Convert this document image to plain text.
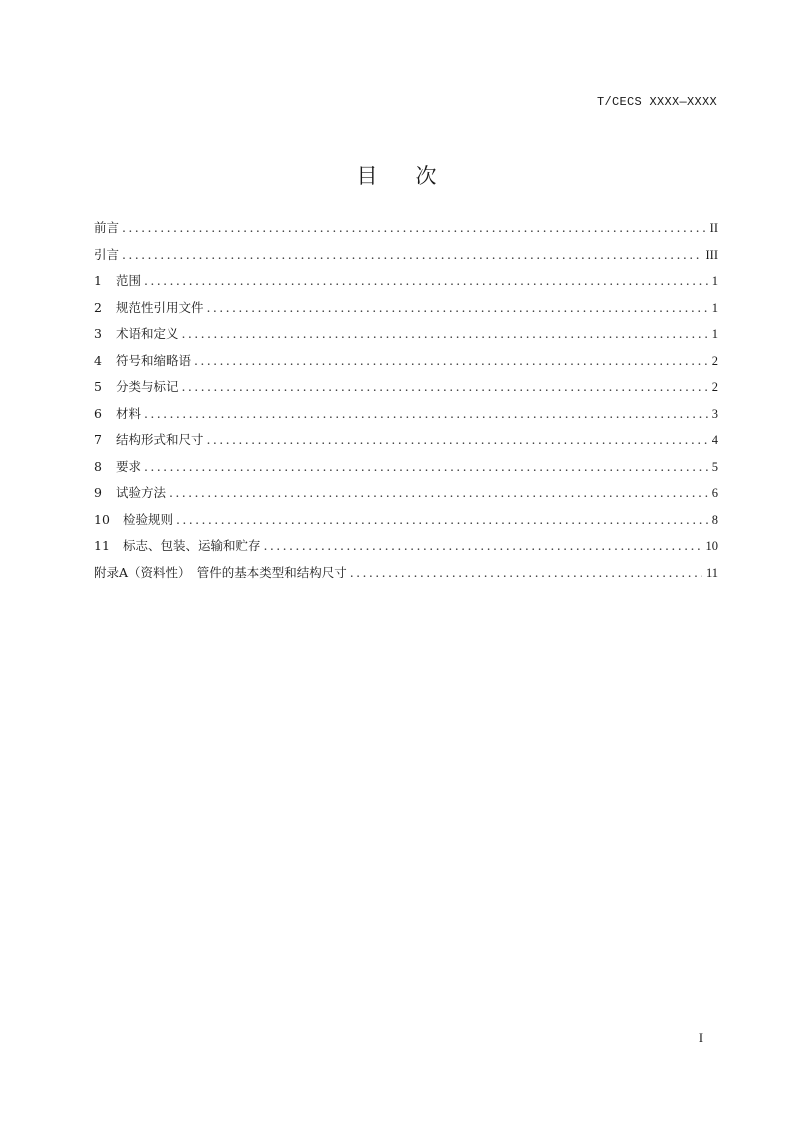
T/CECS XXXX—XXXX
目次
前言 .....	II
引言 .....	III
1	范围 .....	1
2	规范性引用文件 .....	1
3	术语和定义 .....	1
4	符号和缩略语 .....	2
5	分类与标记 .....	2
6	材料 .....	3
7	结构形式和尺寸 .....	4
8	要求 .....	5
9	试验方法 .....	6
10	检验规则 .....	8
11	标志、包装、运输和贮存 .....	10
附录A（资料性）　管件的基本类型和结构尺寸 .....	11
I
